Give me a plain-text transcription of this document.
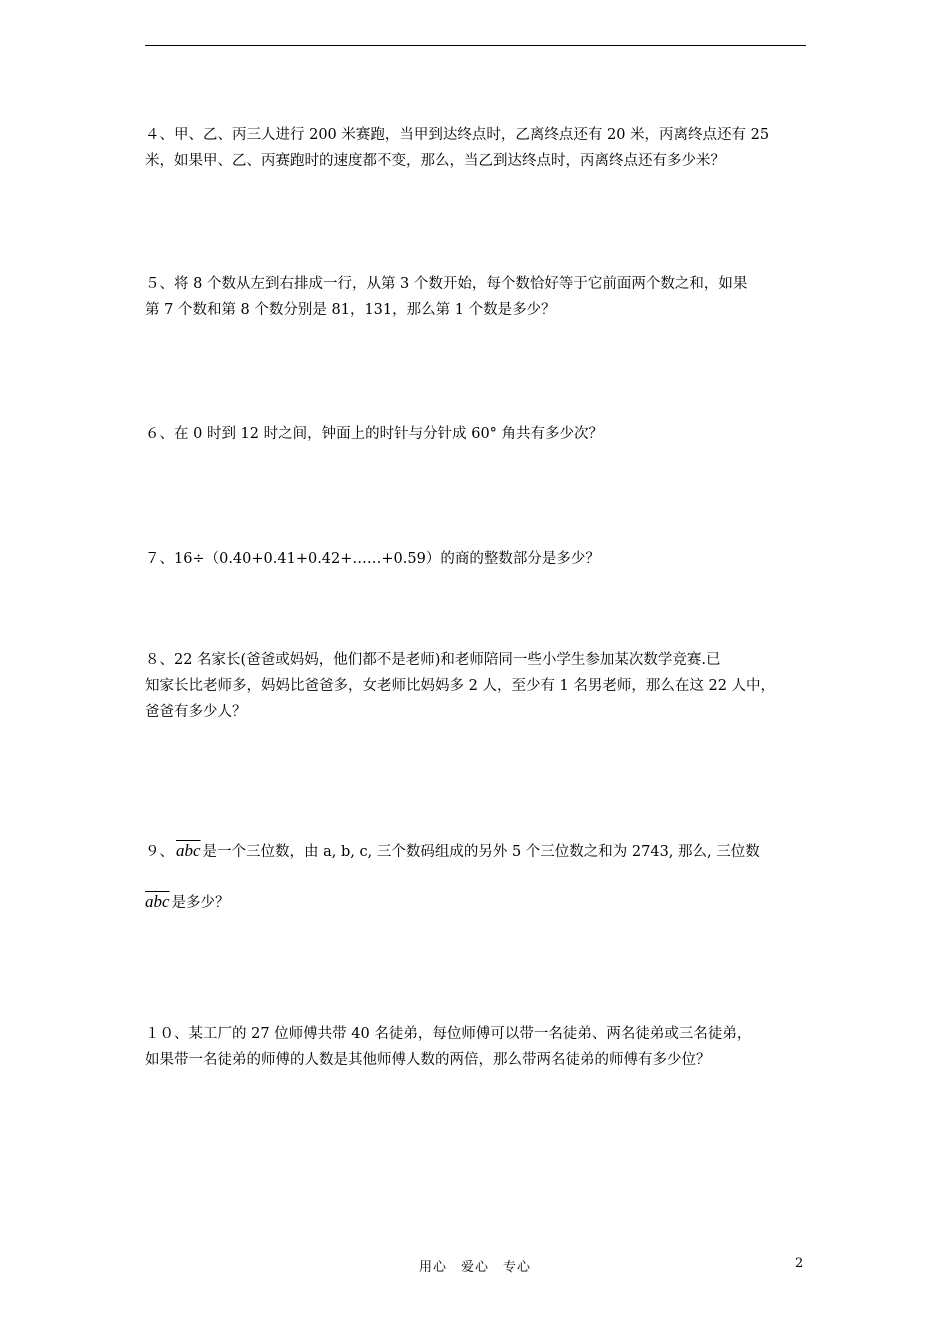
４、甲、乙、丙三人进行 200 米赛跑，当甲到达终点时，乙离终点还有 20 米，丙离终点还有 25
米，如果甲、乙、丙赛跑时的速度都不变，那么，当乙到达终点时，丙离终点还有多少米？
５、将 8 个数从左到右排成一行，从第 3 个数开始，每个数恰好等于它前面两个数之和，如果
第 7 个数和第 8 个数分别是 81，131，那么第 1 个数是多少？
６、在 0 时到 12 时之间，钟面上的时针与分针成 60° 角共有多少次？
７、16÷（0.40+0.41+0.42+……+0.59）的商的整数部分是多少？
８、22 名家长(爸爸或妈妈，他们都不是老师)和老师陪同一些小学生参加某次数学竞赛.已
知家长比老师多，妈妈比爸爸多，女老师比妈妈多 2 人，至少有 1 名男老师，那么在这 22 人中，
爸爸有多少人？
９、 $\overline{abc}$ 是一个三位数，由 a, b, c, 三个数码组成的另外 5 个三位数之和为 2743, 那么, 三位数
$\overline{abc}$ 是多少？
１０、某工厂的 27 位师傅共带 40 名徒弟，每位师傅可以带一名徒弟、两名徒弟或三名徒弟，
如果带一名徒弟的师傅的人数是其他师傅人数的两倍，那么带两名徒弟的师傅有多少位？
用心　爱心　专心	2
